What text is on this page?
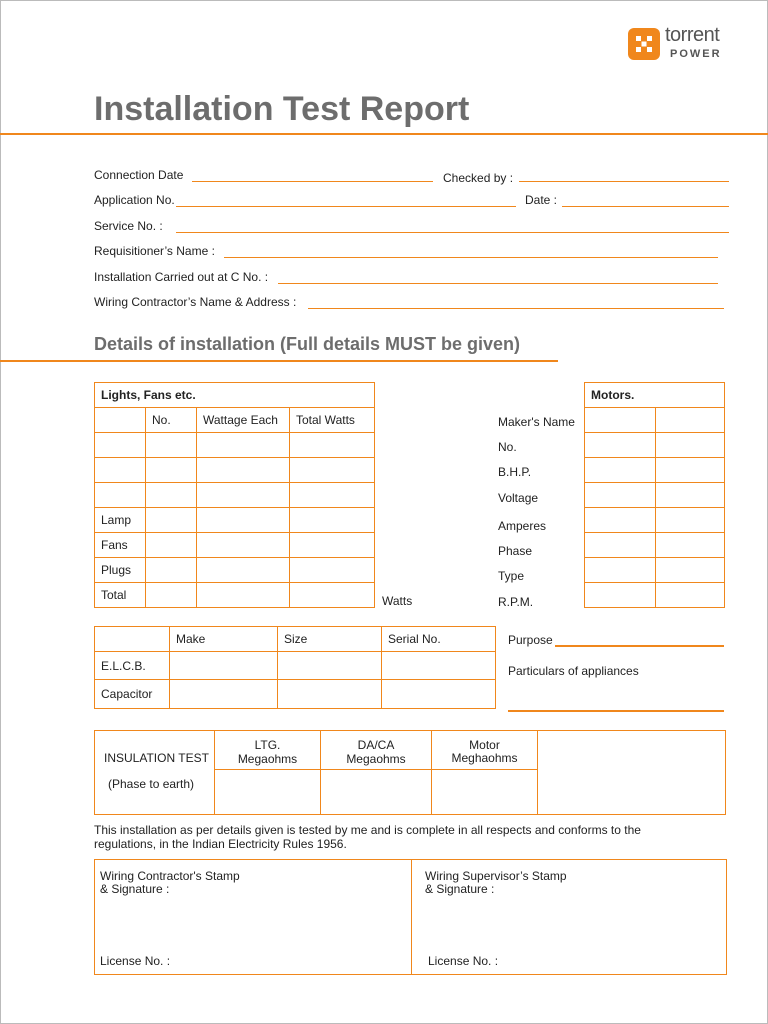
torrent
POWER
Installation Test Report
Connection Date	Checked by :
Application No.	Date :
Service No. :
Requisitioner’s Name :
Installation Carried out at C No. :
Wiring Contractor’s Name & Address :
Details of installation (Full details MUST be given)
Lights, Fans etc.			
	No.	Wattage Each	Total Watts

Lamp			
Fans			
Plugs			
Total				Watts
Maker's Name
No.
B.H.P.
Voltage
Amperes
Phase
Type
R.P.M.
Motors.	

	Make	Size	Serial No.
E.L.C.B.			
Capacitor			
Purpose
Particulars of appliances
INSULATION TEST
(Phase to earth)
LTG.
Megaohms
DA/CA
Megaohms
Motor
Meghaohms
This installation as per details given is tested by me and is complete in all respects and conforms to the regulations, in the Indian Electricity Rules 1956.
Wiring Contractor's Stamp
& Signature :
License No. :
Wiring Supervisor’s Stamp
& Signature :
License No. :
